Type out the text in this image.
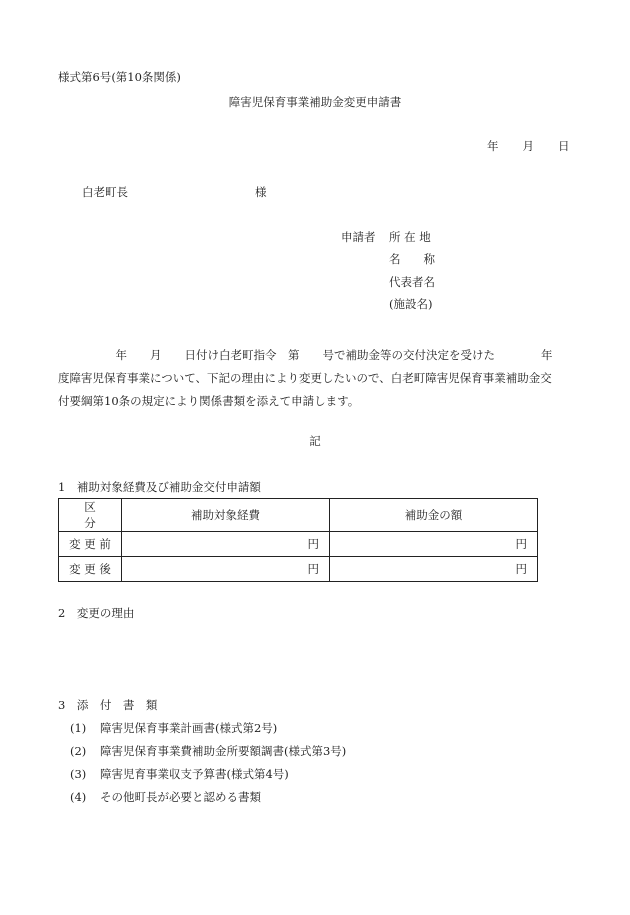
様式第6号(第10条関係)
障害児保育事業補助金変更申請書
年 月 日
白老町長	様
申請者 所 在 地
名　　称
代表者名
(施設名)
　　　　　年　　月　　日付け白老町指令　第　　号で補助金等の交付決定を受けた　　　　年
度障害児保育事業について、下記の理由により変更したいので、白老町障害児保育事業補助金交
付要綱第10条の規定により関係書類を添えて申請します。
記
1　補助対象経費及び補助金交付申請額
区　　分	補助対象経費	補助金の額
変 更 前	円	円
変 更 後	円	円
2　変更の理由
3　添　付　書　類
(1) 障害児保育事業計画書(様式第2号)
(2) 障害児保育事業費補助金所要額調書(様式第3号)
(3) 障害児育事業収支予算書(様式第4号)
(4) その他町長が必要と認める書類
